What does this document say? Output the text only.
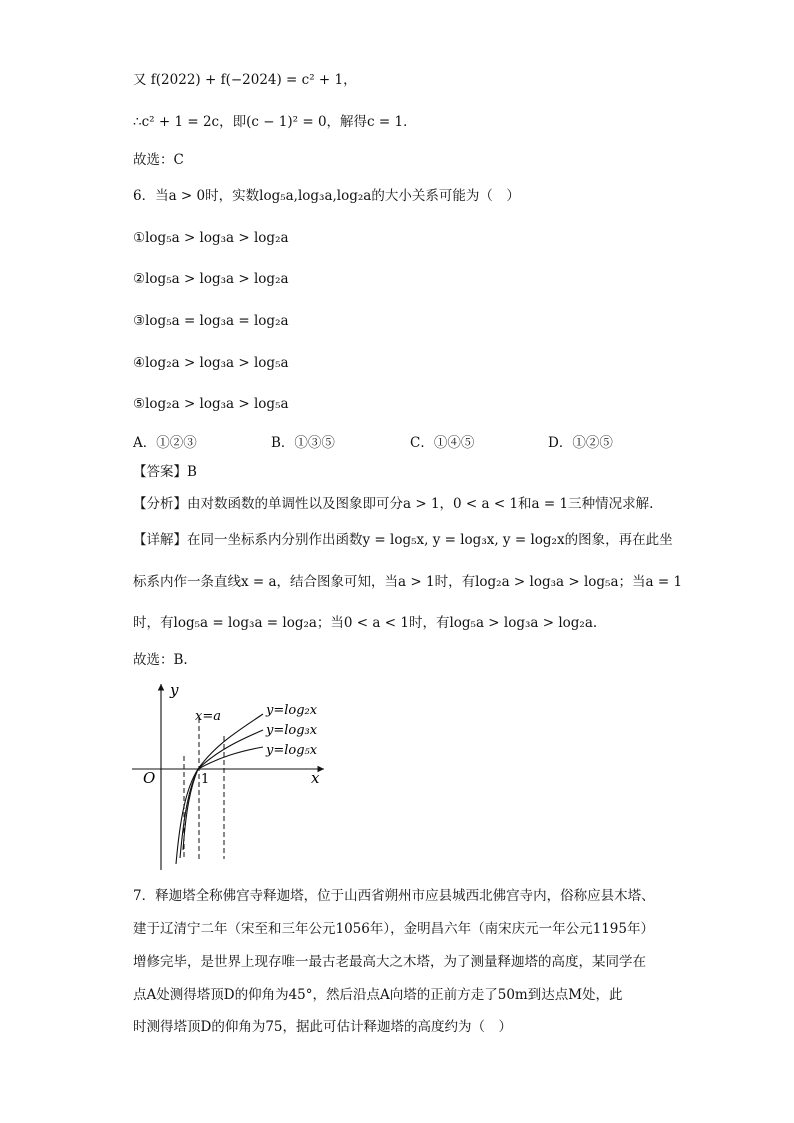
又 f(2022) + f(−2024) = c² + 1，
∴c² + 1 = 2c，即(c − 1)² = 0，解得c = 1．
故选：C
6．当a > 0时，实数log₅a,log₃a,log₂a的大小关系可能为（　）
①log₅a > log₃a > log₂a
②log₅a > log₃a > log₂a
③log₅a = log₃a = log₂a
④log₂a > log₃a > log₅a
⑤log₂a > log₃a > log₅a
A．①②③	B．①③⑤	C．①④⑤	D．①②⑤
【答案】B
【分析】由对数函数的单调性以及图象即可分a > 1，0 < a < 1和a = 1三种情况求解.
【详解】在同一坐标系内分别作出函数y = log₅x, y = log₃x, y = log₂x的图象，再在此坐
标系内作一条直线x = a，结合图象可知，当a > 1时，有log₂a > log₃a > log₅a；当a = 1
时，有log₅a = log₃a = log₂a；当0 < a < 1时，有log₅a > log₃a > log₂a.
故选：B.
y
x
O	1
x=a	y=log₂x
y=log₃x
y=log₅x
7．释迦塔全称佛宫寺释迦塔，位于山西省朔州市应县城西北佛宫寺内，俗称应县木塔、
建于辽清宁二年（宋至和三年公元1056年），金明昌六年（南宋庆元一年公元1195年）
增修完毕，是世界上现存唯一最古老最高大之木塔，为了测量释迦塔的高度，某同学在
点A处测得塔顶D的仰角为45°，然后沿点A向塔的正前方走了50m到达点M处，此
时测得塔顶D的仰角为75，据此可估计释迦塔的高度约为（　）
